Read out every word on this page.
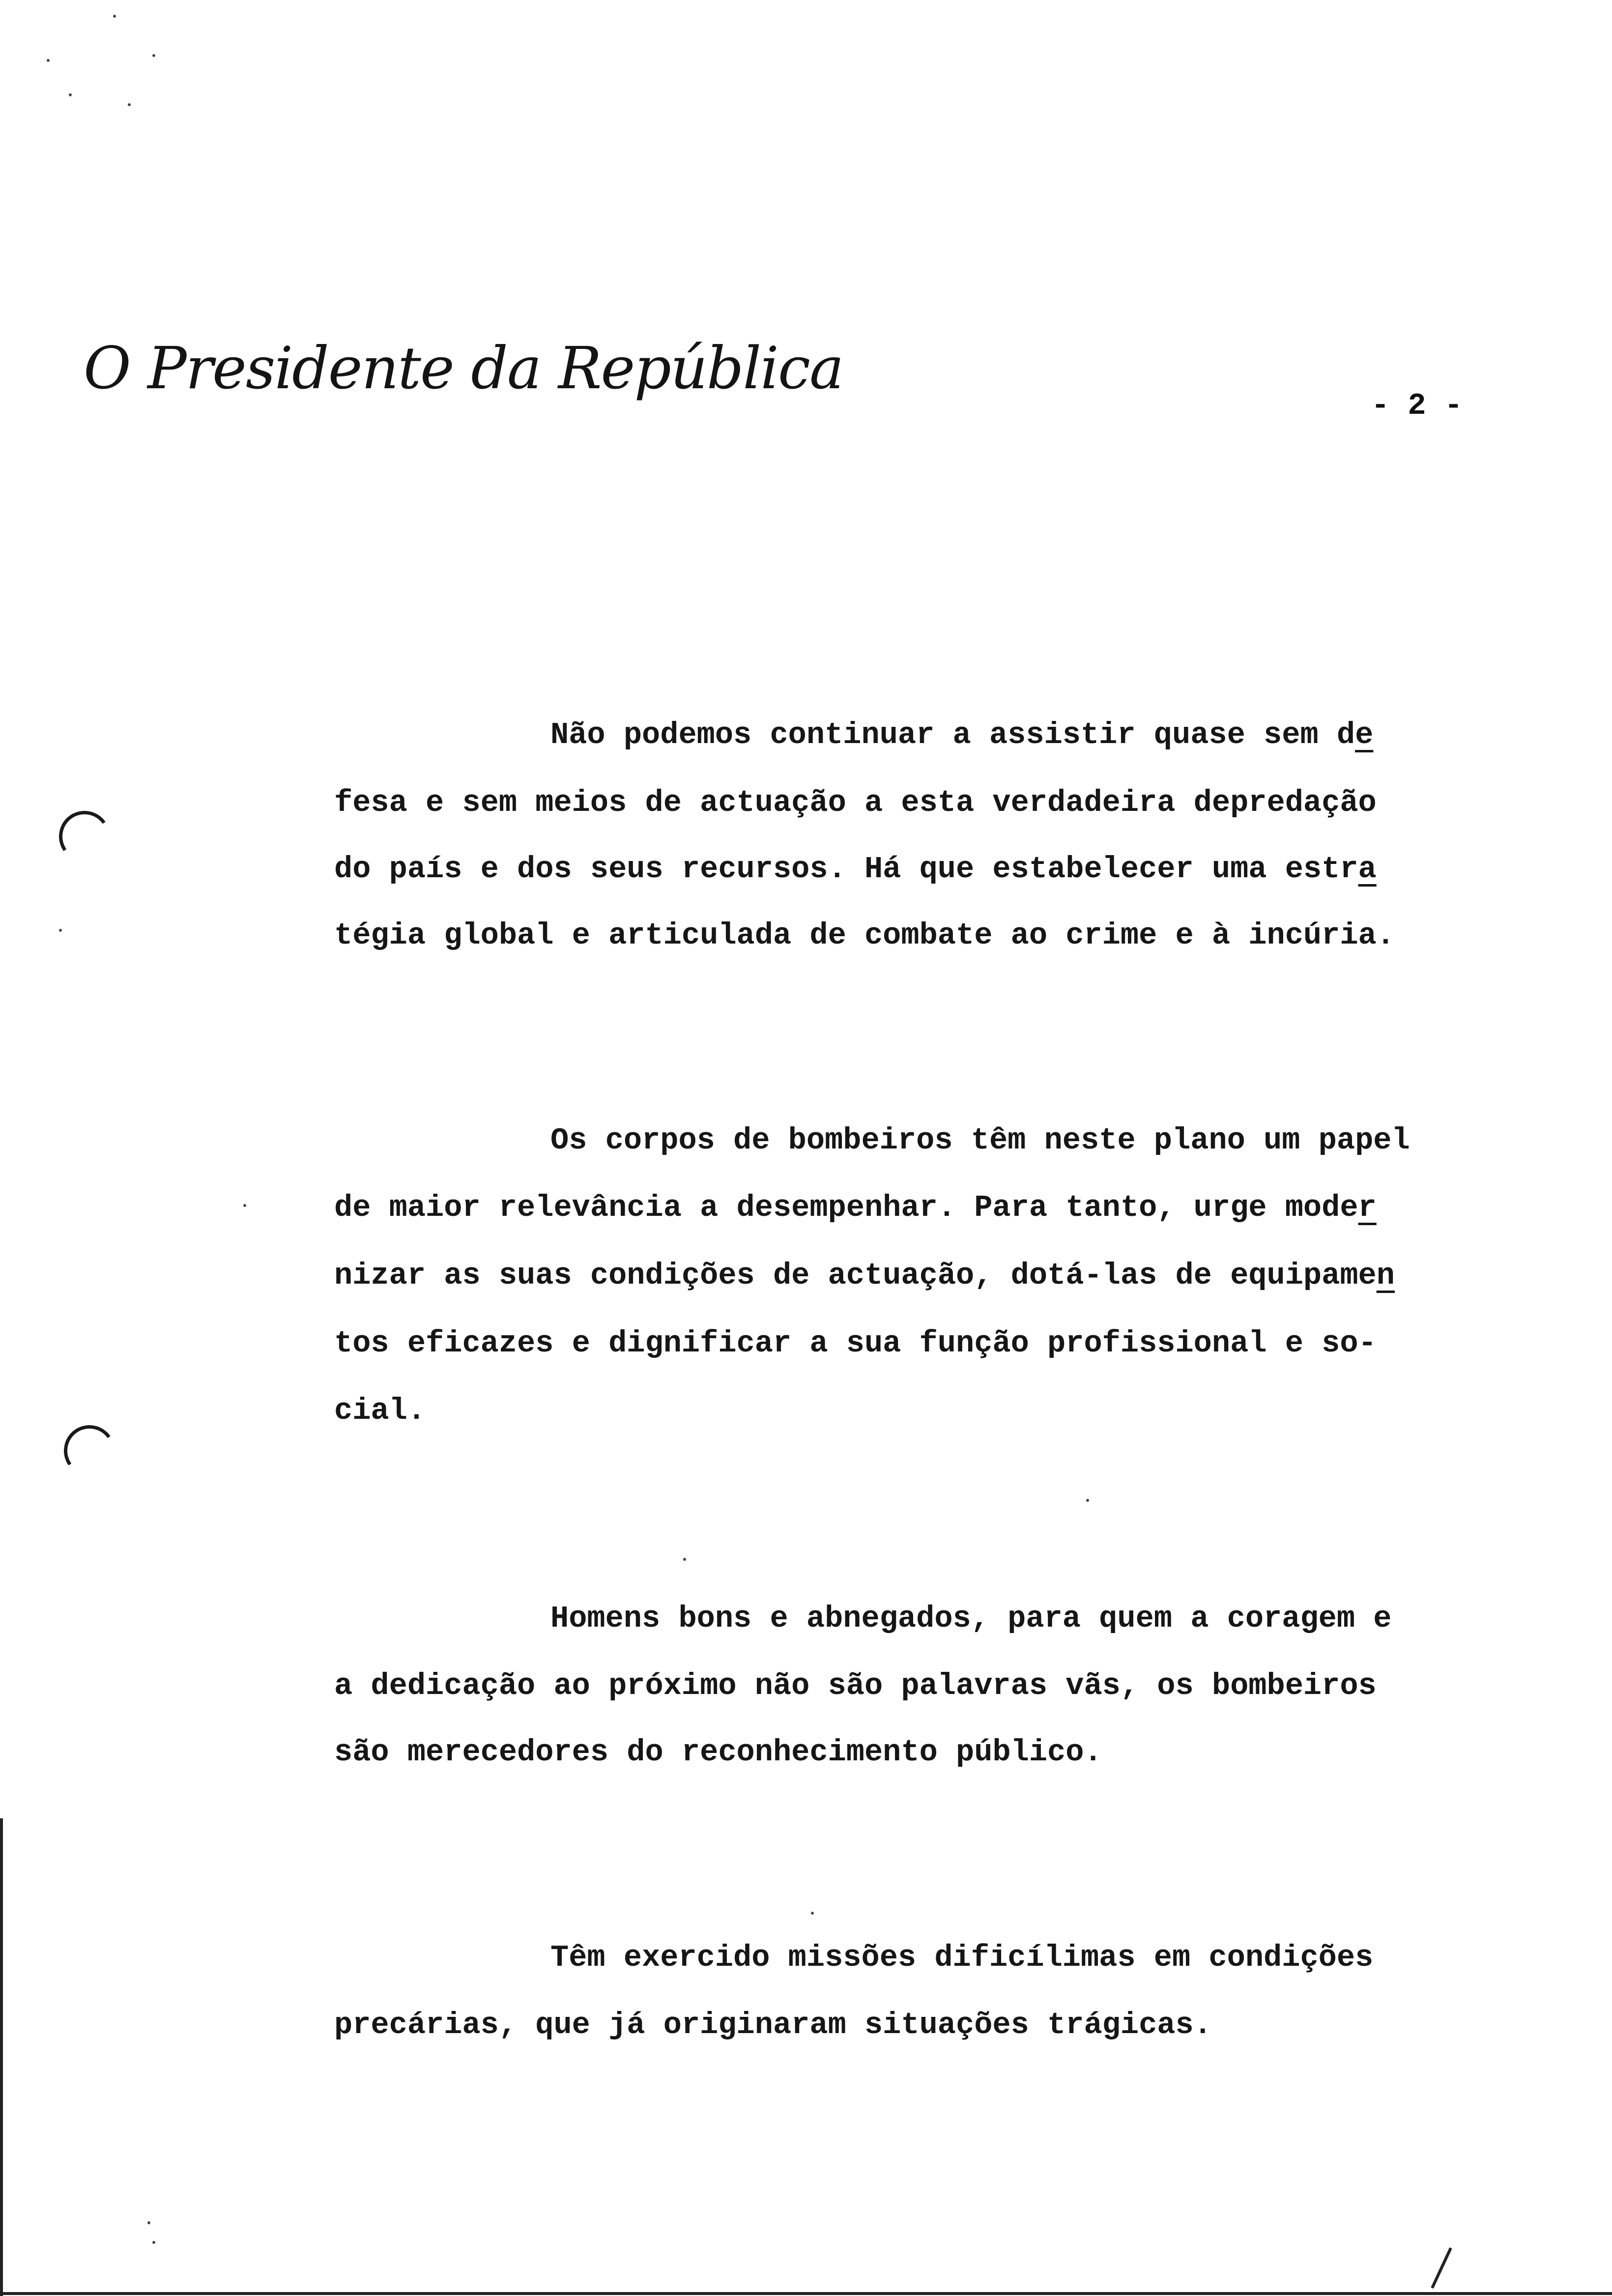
O Presidente da República
- 2 -
Não podemos continuar a assistir quase sem de
fesa e sem meios de actuação a esta verdadeira depredação
do país e dos seus recursos. Há que estabelecer uma estra
tégia global e articulada de combate ao crime e à incúria.
Os corpos de bombeiros têm neste plano um papel
de maior relevância a desempenhar. Para tanto, urge moder
nizar as suas condições de actuação, dotá-las de equipamen
tos eficazes e dignificar a sua função profissional e so-
cial.
Homens bons e abnegados, para quem a coragem e
a dedicação ao próximo não são palavras vãs, os bombeiros
são merecedores do reconhecimento público.
Têm exercido missões dificílimas em condições
precárias, que já originaram situações trágicas.
